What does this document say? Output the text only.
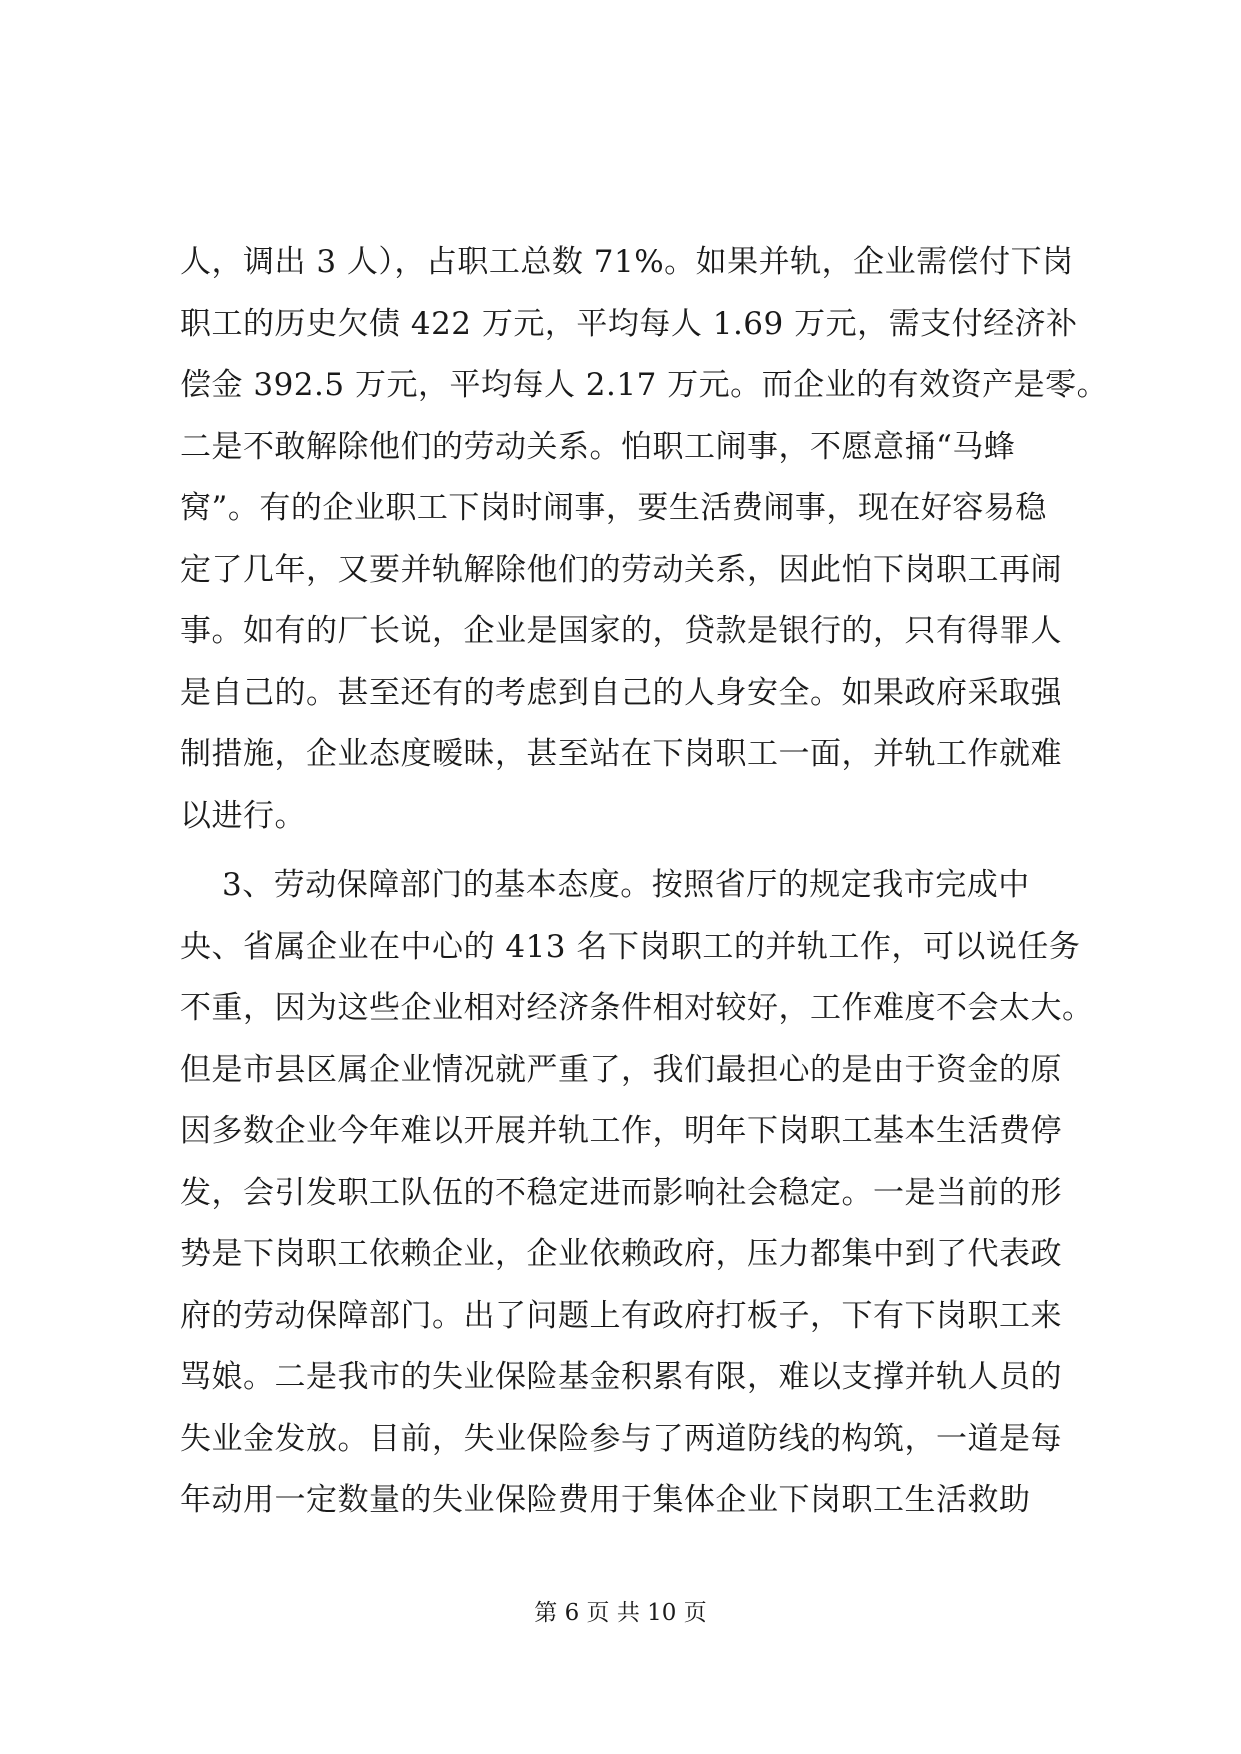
人，调出 3 人），占职工总数 71%。如果并轨，企业需偿付下岗
职工的历史欠债 422 万元，平均每人 1.69 万元，需支付经济补
偿金 392.5 万元，平均每人 2.17 万元。而企业的有效资产是零。
二是不敢解除他们的劳动关系。怕职工闹事，不愿意捅“马蜂
窝”。有的企业职工下岗时闹事，要生活费闹事，现在好容易稳
定了几年，又要并轨解除他们的劳动关系，因此怕下岗职工再闹
事。如有的厂长说，企业是国家的，贷款是银行的，只有得罪人
是自己的。甚至还有的考虑到自己的人身安全。如果政府采取强
制措施，企业态度暧昧，甚至站在下岗职工一面，并轨工作就难
以进行。
3、劳动保障部门的基本态度。按照省厅的规定我市完成中
央、省属企业在中心的 413 名下岗职工的并轨工作，可以说任务
不重，因为这些企业相对经济条件相对较好，工作难度不会太大。
但是市县区属企业情况就严重了，我们最担心的是由于资金的原
因多数企业今年难以开展并轨工作，明年下岗职工基本生活费停
发，会引发职工队伍的不稳定进而影响社会稳定。一是当前的形
势是下岗职工依赖企业，企业依赖政府，压力都集中到了代表政
府的劳动保障部门。出了问题上有政府打板子，下有下岗职工来
骂娘。二是我市的失业保险基金积累有限，难以支撑并轨人员的
失业金发放。目前，失业保险参与了两道防线的构筑，一道是每
年动用一定数量的失业保险费用于集体企业下岗职工生活救助
第 6 页 共 10 页
